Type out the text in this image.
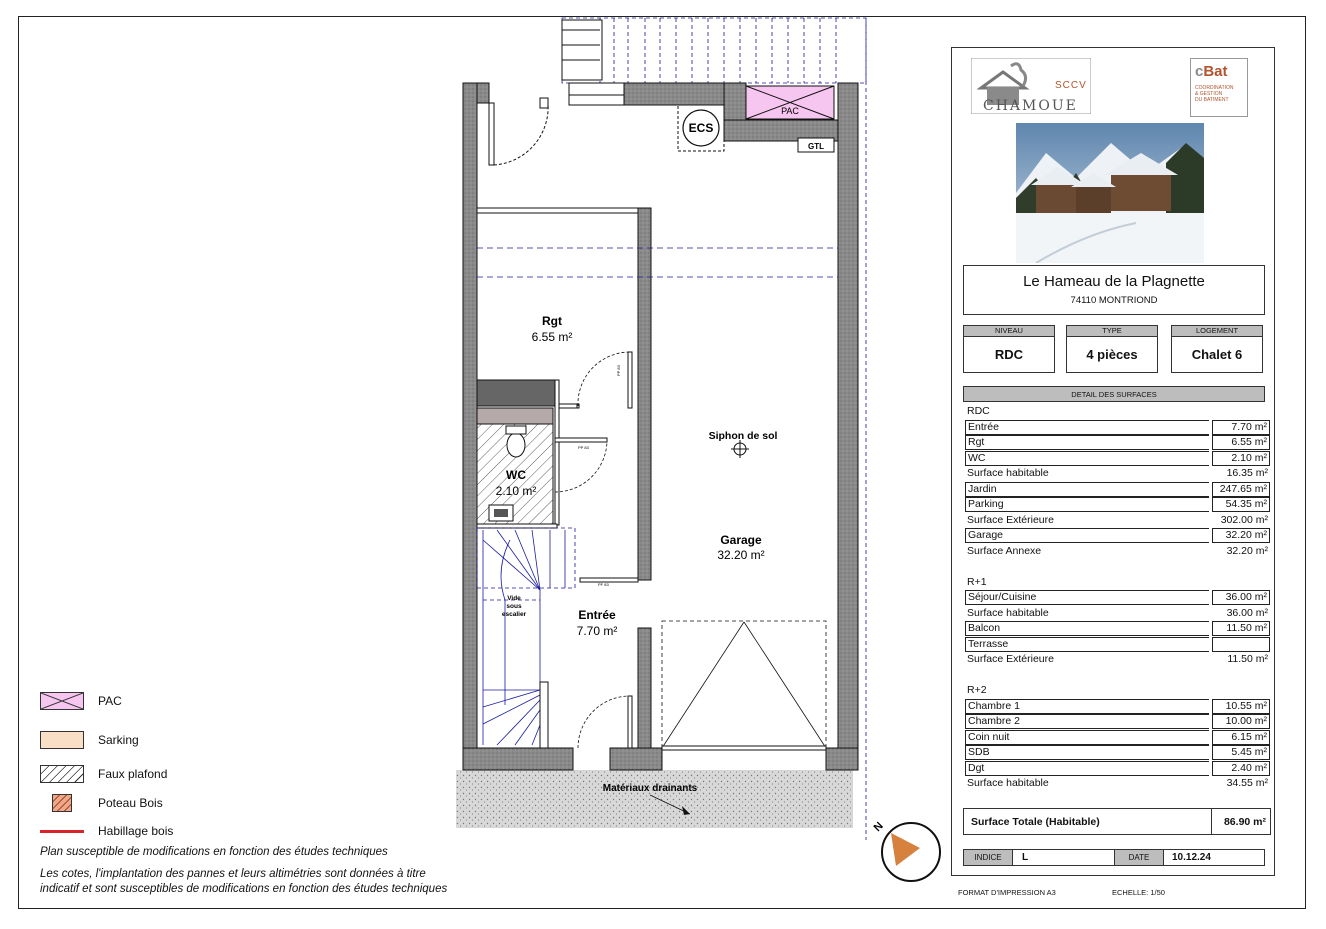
PAC
GTL
ECS
PP 83
PP 83
PF 83
Rgt
6.55 m²
WC
2.10 m²
Garage
32.20 m²
Entrée
7.70 m²
Siphon de sol
Matériaux drainants
Vide
sous
escalier
N
PAC
Sarking
Faux plafond
Poteau Bois
Habillage bois
Plan susceptible de modifications en fonction des études techniques
Les cotes, l'implantation des pannes et leurs altimétries sont données à titre
indicatif et sont susceptibles de modifications en fonction des études techniques
SCCV
CHAMOUE
cBat
COORDINATION
& GESTION
DU BATIMENT
Le Hameau de la Plagnette
74110 MONTRIOND
NIVEAU
RDC
TYPE
4 pièces
LOGEMENT
Chalet 6
DETAIL DES SURFACES
RDC
Entrée	7.70 m²
Rgt	6.55 m²
WC	2.10 m²
Surface habitable	16.35 m²
Jardin	247.65 m²
Parking	54.35 m²
Surface Extérieure	302.00 m²
Garage	32.20 m²
Surface Annexe	32.20 m²
R+1
Séjour/Cuisine	36.00 m²
Surface habitable	36.00 m²
Balcon	11.50 m²
Terrasse
Surface Extérieure	11.50 m²
R+2
Chambre 1	10.55 m²
Chambre 2	10.00 m²
Coin nuit	6.15 m²
SDB	5.45 m²
Dgt	2.40 m²
Surface habitable	34.55 m²
Surface Totale (Habitable)	86.90 m²
INDICE	L	DATE	10.12.24
FORMAT D'IMPRESSION A3	ECHELLE: 1/50
